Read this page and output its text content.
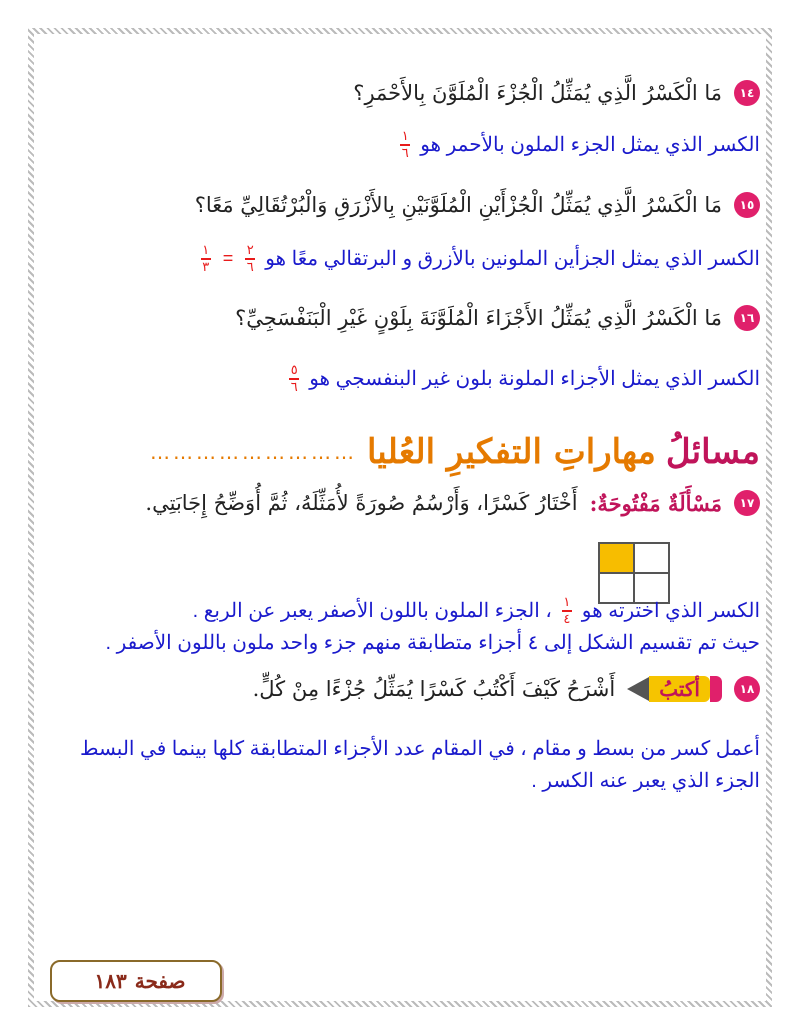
١٤
مَا الْكَسْرُ الَّذِي يُمَثِّلُ الْجُزْءَ الْمُلَوَّنَ بِالأَحْمَرِ؟
الكسر الذي يمثل الجزء الملون بالأحمر هو
$\frac{١}{٦}$
١٥
مَا الْكَسْرُ الَّذِي يُمَثِّلُ الْجُزْأَيْنِ الْمُلَوَّنَيْنِ بِالأَزْرَقِ وَالْبُرْتُقَالِيِّ مَعًا؟
الكسر الذي يمثل الجزأين الملونين بالأزرق و البرتقالي معًا هو
$\frac{٢}{٦}$
=
$\frac{١}{٣}$
١٦
مَا الْكَسْرُ الَّذِي يُمَثِّلُ الأَجْزَاءَ الْمُلَوَّنَةَ بِلَوْنٍ غَيْرِ الْبَنَفْسَجِيِّ؟
الكسر الذي يمثل الأجزاء الملونة بلون غير البنفسجي هو
$\frac{٥}{٦}$
مسائلُ
مهاراتِ التفكيرِ العُليا
………………………
١٧
مَسْأَلَةٌ مَفْتُوحَةٌ:
أَخْتَارُ كَسْرًا، وَأَرْسُمُ صُورَةً لأُمَثِّلَهُ، ثُمَّ أُوَضِّحُ إِجَابَتِي.
الكسر الذي اخترته هو
$\frac{١}{٤}$
، الجزء الملون باللون الأصفر يعبر عن الربع .
حيث تم تقسيم الشكل إلى ٤ أجزاء متطابقة منهم جزء واحد ملون باللون الأصفر .
١٨
أكتبُ
أَشْرَحُ كَيْفَ أَكْتُبُ كَسْرًا يُمَثِّلُ جُزْءًا مِنْ كُلٍّ.
أعمل كسر من بسط و مقام ، في المقام عدد الأجزاء المتطابقة كلها بينما في البسط
الجزء الذي يعبر عنه الكسر .
صفحة
١٨٣
